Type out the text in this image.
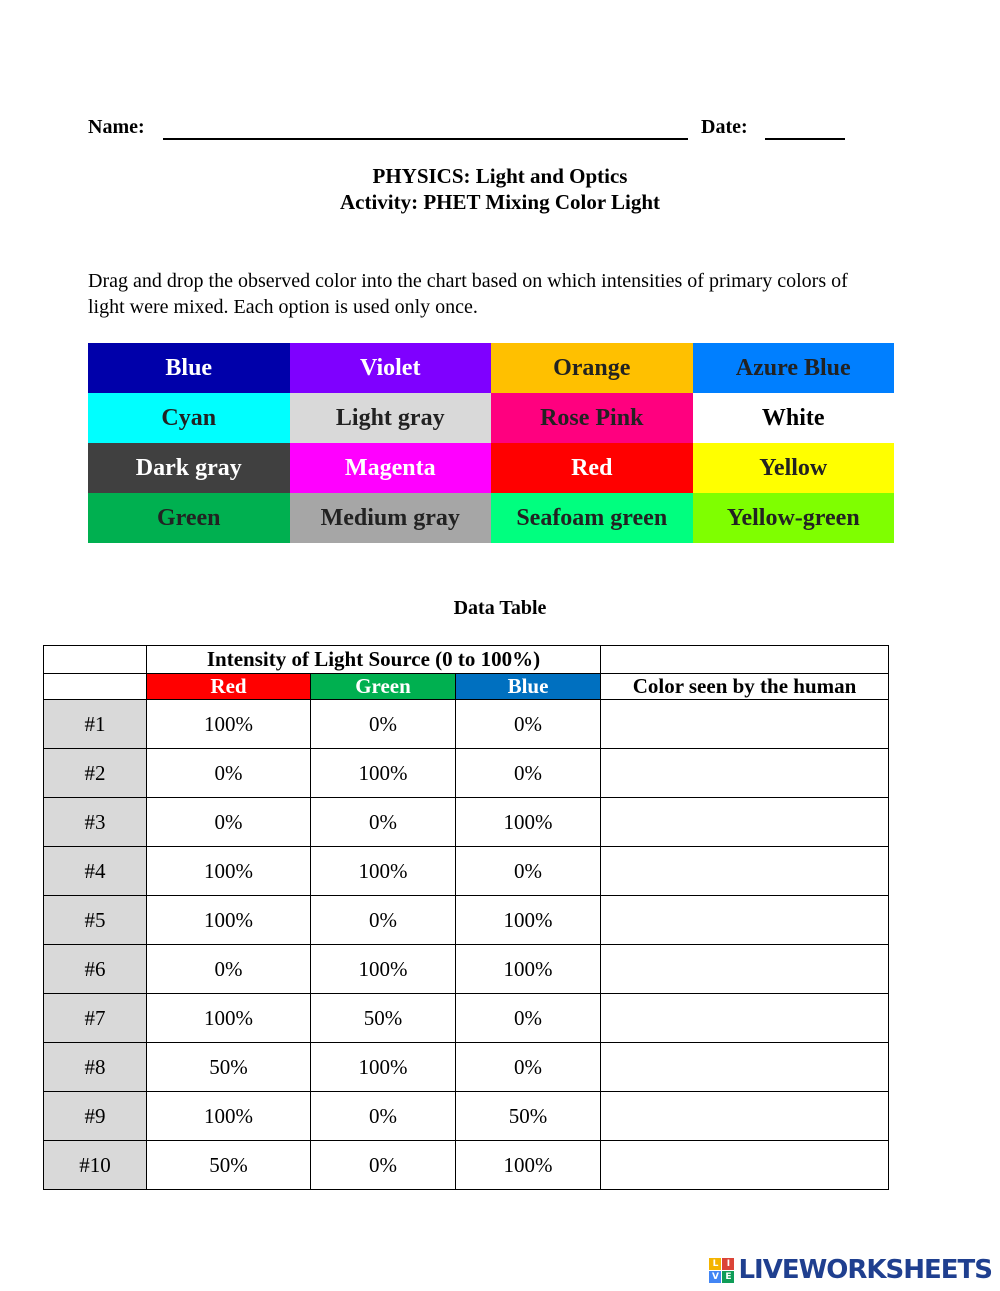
Name:	Date:
PHYSICS: Light and Optics
Activity: PHET Mixing Color Light
Drag and drop the observed color into the chart based on which intensities of primary colors of light were mixed. Each option is used only once.
Blue	Violet	Orange	Azure Blue
Cyan	Light gray	Rose Pink	White
Dark gray	Magenta	Red	Yellow
Green	Medium gray	Seafoam green	Yellow-green
Data Table
	Intensity of Light Source (0 to 100%)			
	Red	Green	Blue	Color seen by the human
#1	100%	0%	0%	
#2	0%	100%	0%	
#3	0%	0%	100%	
#4	100%	100%	0%	
#5	100%	0%	100%	
#6	0%	100%	100%	
#7	100%	50%	0%	
#8	50%	100%	0%	
#9	100%	0%	50%	
#10	50%	0%	100%	
L I
V E LIVEWORKSHEETS
